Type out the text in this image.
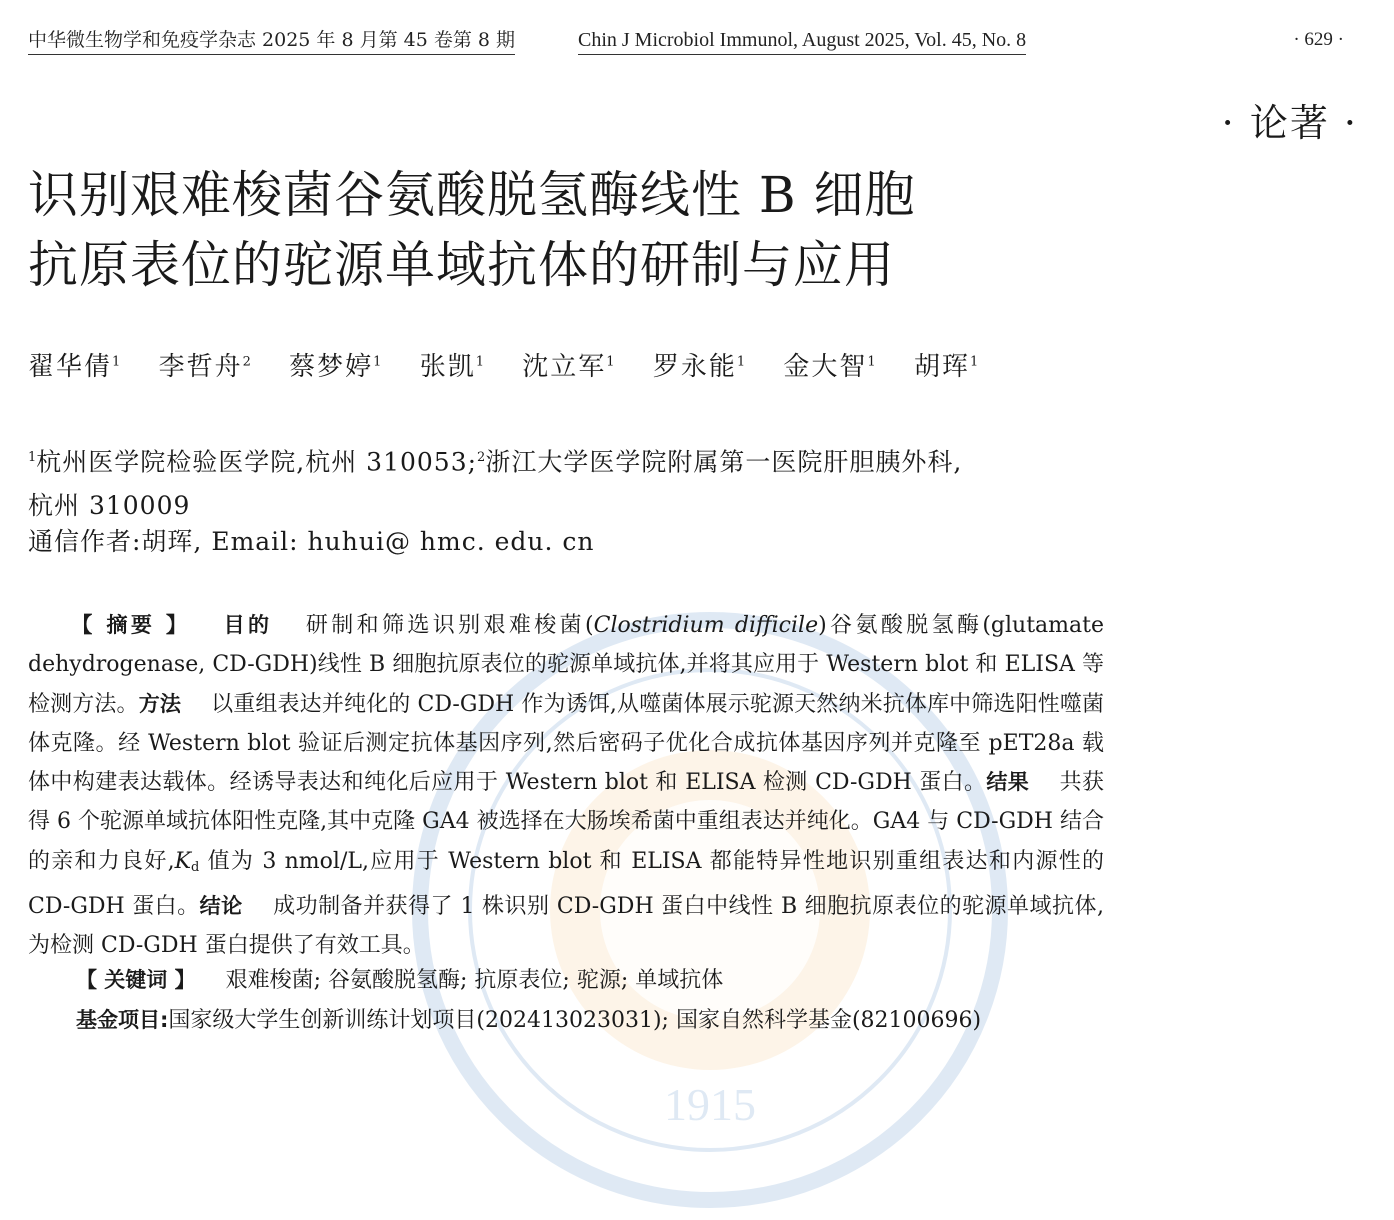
1915
中华微生物学和免疫学杂志 2025 年 8 月第 45 卷第 8 期	Chin J Microbiol Immunol, August 2025, Vol. 45, No. 8	· 629 ·
· 论著 ·
识别艰难梭菌谷氨酸脱氢酶线性 B 细胞
抗原表位的驼源单域抗体的研制与应用
翟华倩$^1$ 李哲舟$^2$ 蔡梦婷$^1$ 张凯$^1$ 沈立军$^1$ 罗永能$^1$ 金大智$^1$ 胡珲$^1$
$^1$杭州医学院检验医学院,杭州 310053;$^2$浙江大学医学院附属第一医院肝胆胰外科,
杭州 310009
通信作者:胡珲, Email: huhui@ hmc. edu. cn
【 摘要 】 目的 研制和筛选识别艰难梭菌(Clostridium difficile)谷氨酸脱氢酶(glutamate dehydrogenase, CD-GDH)线性 B 细胞抗原表位的驼源单域抗体,并将其应用于 Western blot 和 ELISA 等检测方法。方法 以重组表达并纯化的 CD-GDH 作为诱饵,从噬菌体展示驼源天然纳米抗体库中筛选阳性噬菌体克隆。经 Western blot 验证后测定抗体基因序列,然后密码子优化合成抗体基因序列并克隆至 pET28a 载体中构建表达载体。经诱导表达和纯化后应用于 Western blot 和 ELISA 检测 CD-GDH 蛋白。结果 共获得 6 个驼源单域抗体阳性克隆,其中克隆 GA4 被选择在大肠埃希菌中重组表达并纯化。GA4 与 CD-GDH 结合的亲和力良好$,K_d$ 值为 3 nmol/L,应用于 Western blot 和 ELISA 都能特异性地识别重组表达和内源性的 CD-GDH 蛋白。结论 成功制备并获得了 1 株识别 CD-GDH 蛋白中线性 B 细胞抗原表位的驼源单域抗体,为检测 CD-GDH 蛋白提供了有效工具。
【 关键词 】 艰难梭菌; 谷氨酸脱氢酶; 抗原表位; 驼源; 单域抗体
基金项目:国家级大学生创新训练计划项目(202413023031); 国家自然科学基金(82100696)
